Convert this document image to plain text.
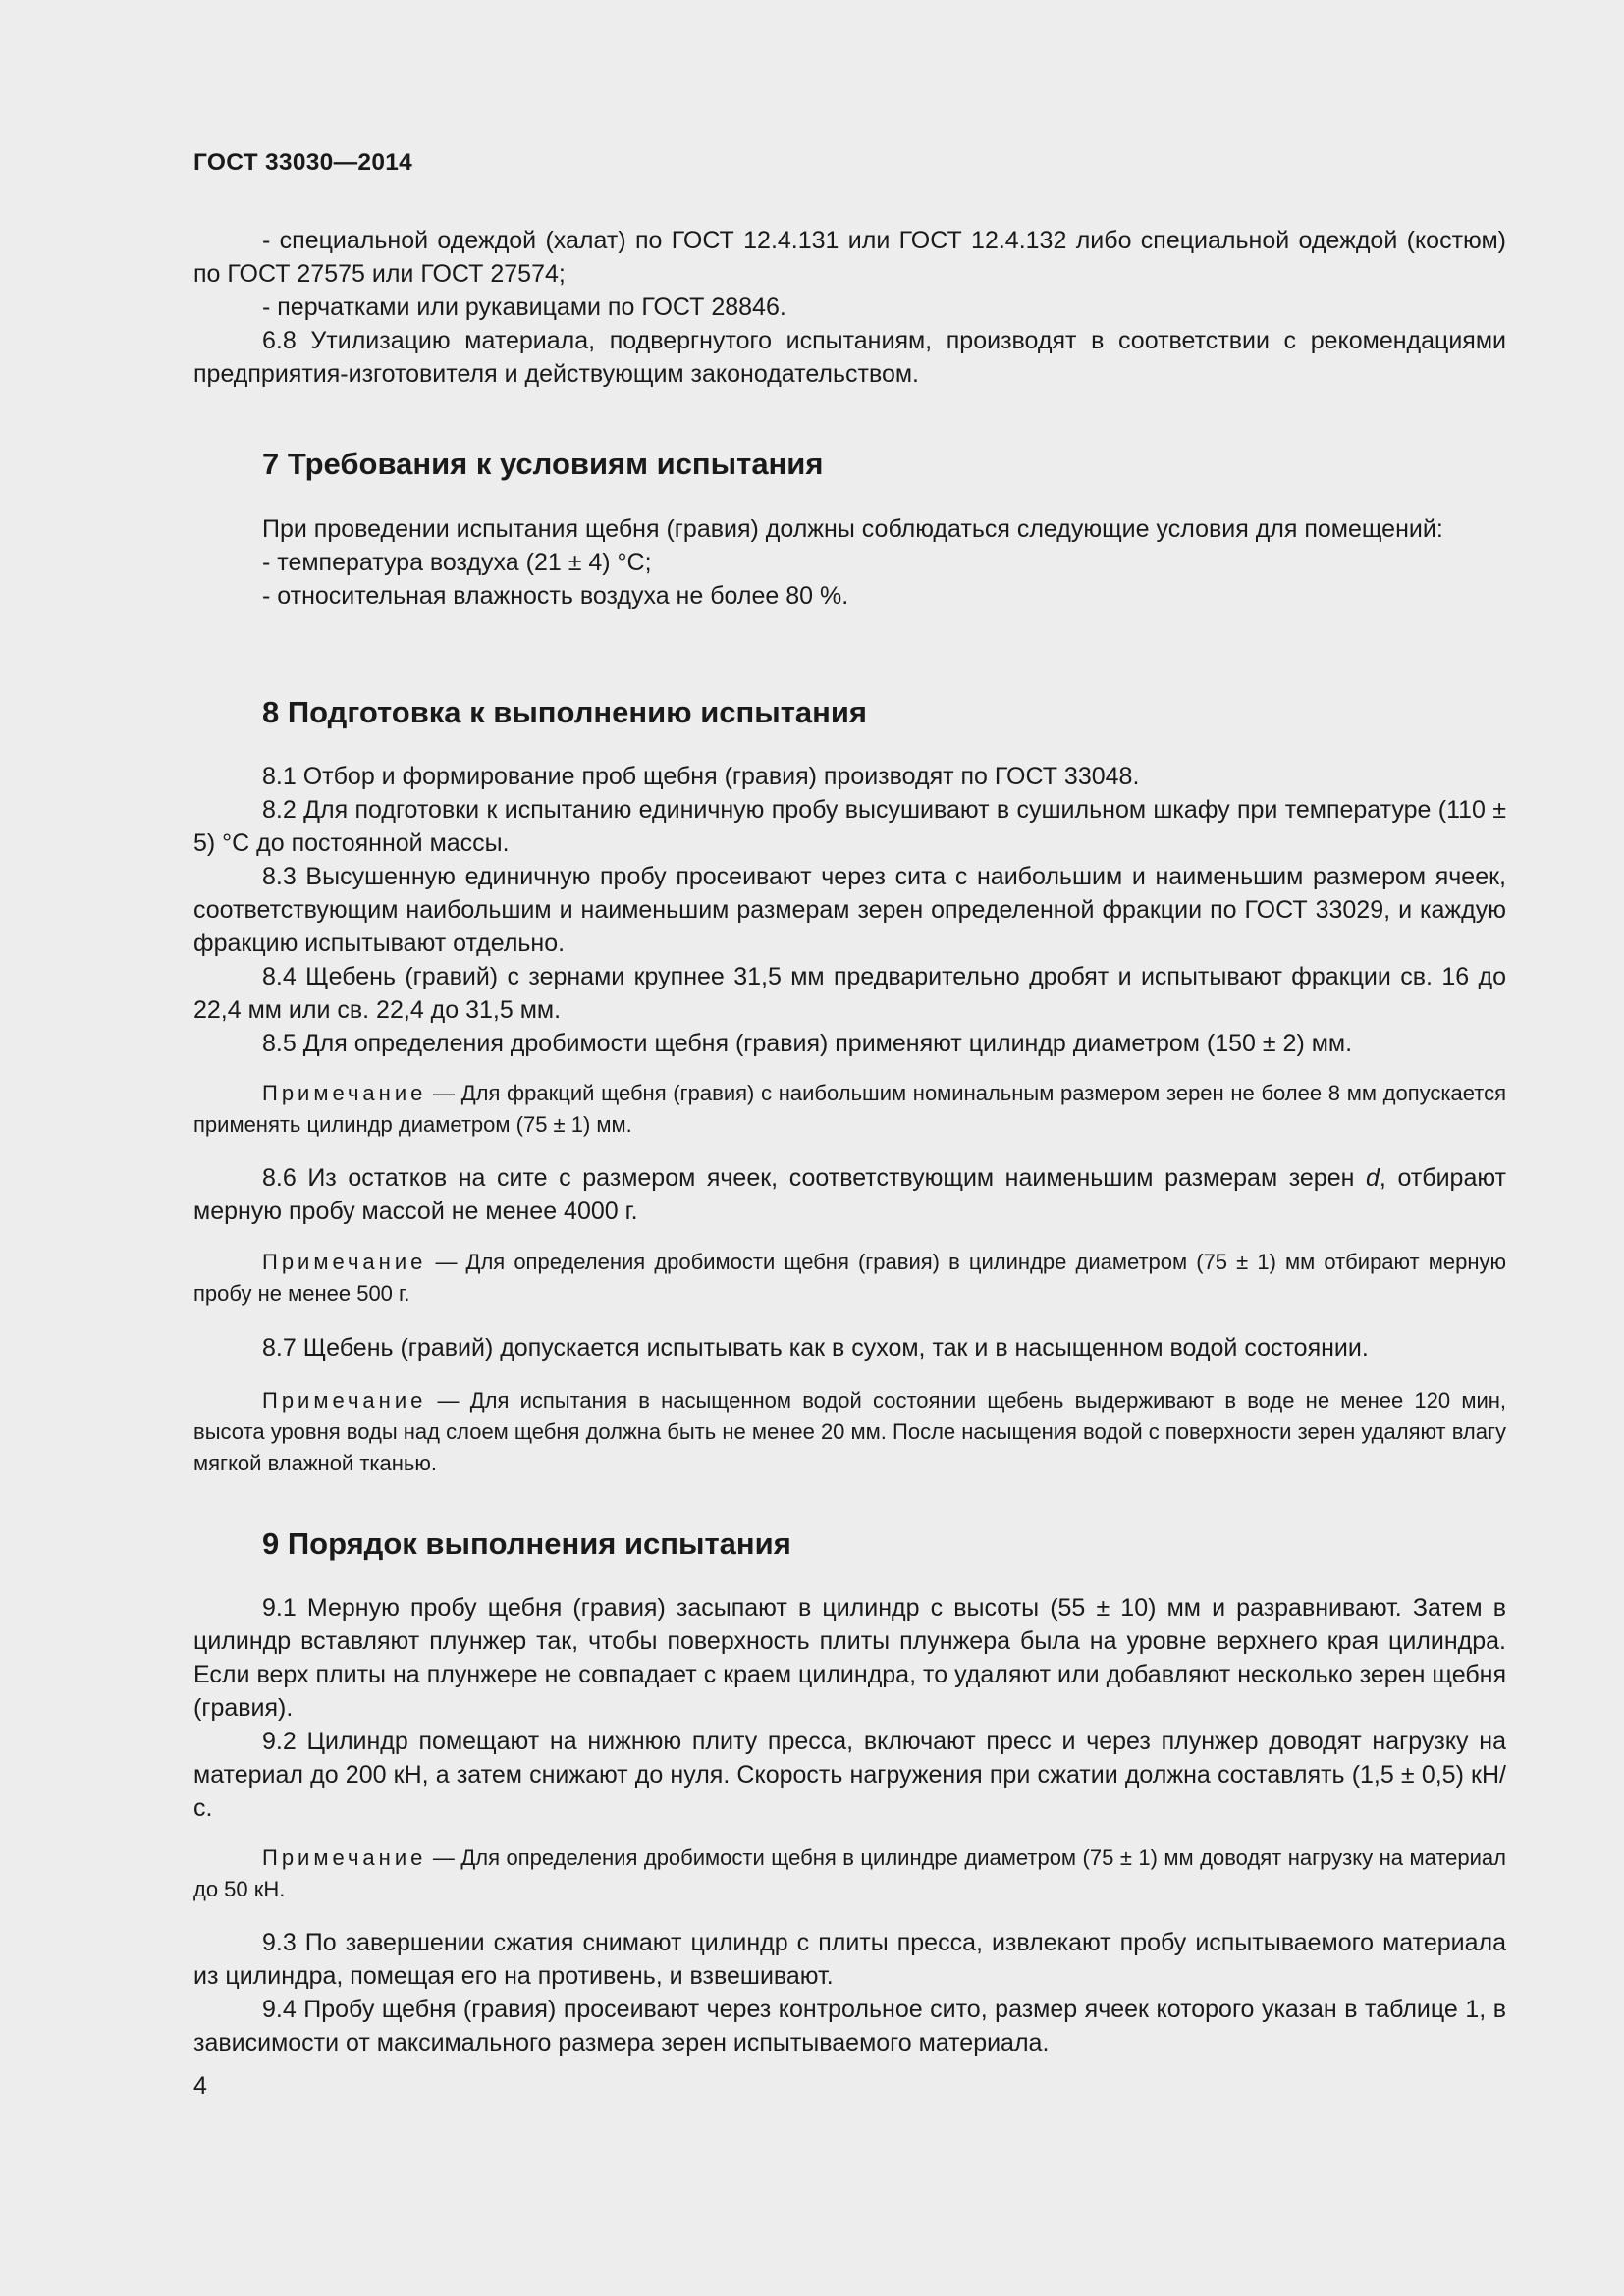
ГОСТ 33030—2014

- специальной одеждой (халат) по ГОСТ 12.4.131 или ГОСТ 12.4.132 либо специальной одеждой (костюм) по ГОСТ 27575 или ГОСТ 27574;

- перчатками или рукавицами по ГОСТ 28846.

6.8 Утилизацию материала, подвергнутого испытаниям, производят в соответствии с рекомендациями предприятия-изготовителя и действующим законодательством.

7 Требования к условиям испытания

При проведении испытания щебня (гравия) должны соблюдаться следующие условия для помещений:

- температура воздуха (21 ± 4) °С;

- относительная влажность воздуха не более 80 %.

8 Подготовка к выполнению испытания

8.1 Отбор и формирование проб щебня (гравия) производят по ГОСТ 33048.

8.2 Для подготовки к испытанию единичную пробу высушивают в сушильном шкафу при температуре (110 ± 5) °С до постоянной массы.

8.3 Высушенную единичную пробу просеивают через сита с наибольшим и наименьшим размером ячеек, соответствующим наибольшим и наименьшим размерам зерен определенной фракции по ГОСТ 33029, и каждую фракцию испытывают отдельно.

8.4 Щебень (гравий) с зернами крупнее 31,5 мм предварительно дробят и испытывают фракции св. 16 до 22,4 мм или св. 22,4 до 31,5 мм.

8.5 Для определения дробимости щебня (гравия) применяют цилиндр диаметром (150 ± 2) мм.

Примечание — Для фракций щебня (гравия) с наибольшим номинальным размером зерен не более 8 мм допускается применять цилиндр диаметром (75 ± 1) мм.

8.6 Из остатков на сите с размером ячеек, соответствующим наименьшим размерам зерен d, отбирают мерную пробу массой не менее 4000 г.

Примечание — Для определения дробимости щебня (гравия) в цилиндре диаметром (75 ± 1) мм отбирают мерную пробу не менее 500 г.

8.7 Щебень (гравий) допускается испытывать как в сухом, так и в насыщенном водой состоянии.

Примечание — Для испытания в насыщенном водой состоянии щебень выдерживают в воде не менее 120 мин, высота уровня воды над слоем щебня должна быть не менее 20 мм. После насыщения водой с поверхности зерен удаляют влагу мягкой влажной тканью.

9 Порядок выполнения испытания

9.1 Мерную пробу щебня (гравия) засыпают в цилиндр с высоты (55 ± 10) мм и разравнивают. Затем в цилиндр вставляют плунжер так, чтобы поверхность плиты плунжера была на уровне верхнего края цилиндра. Если верх плиты на плунжере не совпадает с краем цилиндра, то удаляют или добавляют несколько зерен щебня (гравия).

9.2 Цилиндр помещают на нижнюю плиту пресса, включают пресс и через плунжер доводят нагрузку на материал до 200 кН, а затем снижают до нуля. Скорость нагружения при сжатии должна составлять (1,5 ± 0,5) кН/с.

Примечание — Для определения дробимости щебня в цилиндре диаметром (75 ± 1) мм доводят нагрузку на материал до 50 кН.

9.3 По завершении сжатия снимают цилиндр с плиты пресса, извлекают пробу испытываемого материала из цилиндра, помещая его на противень, и взвешивают.

9.4 Пробу щебня (гравия) просеивают через контрольное сито, размер ячеек которого указан в таблице 1, в зависимости от максимального размера зерен испытываемого материала.

4
